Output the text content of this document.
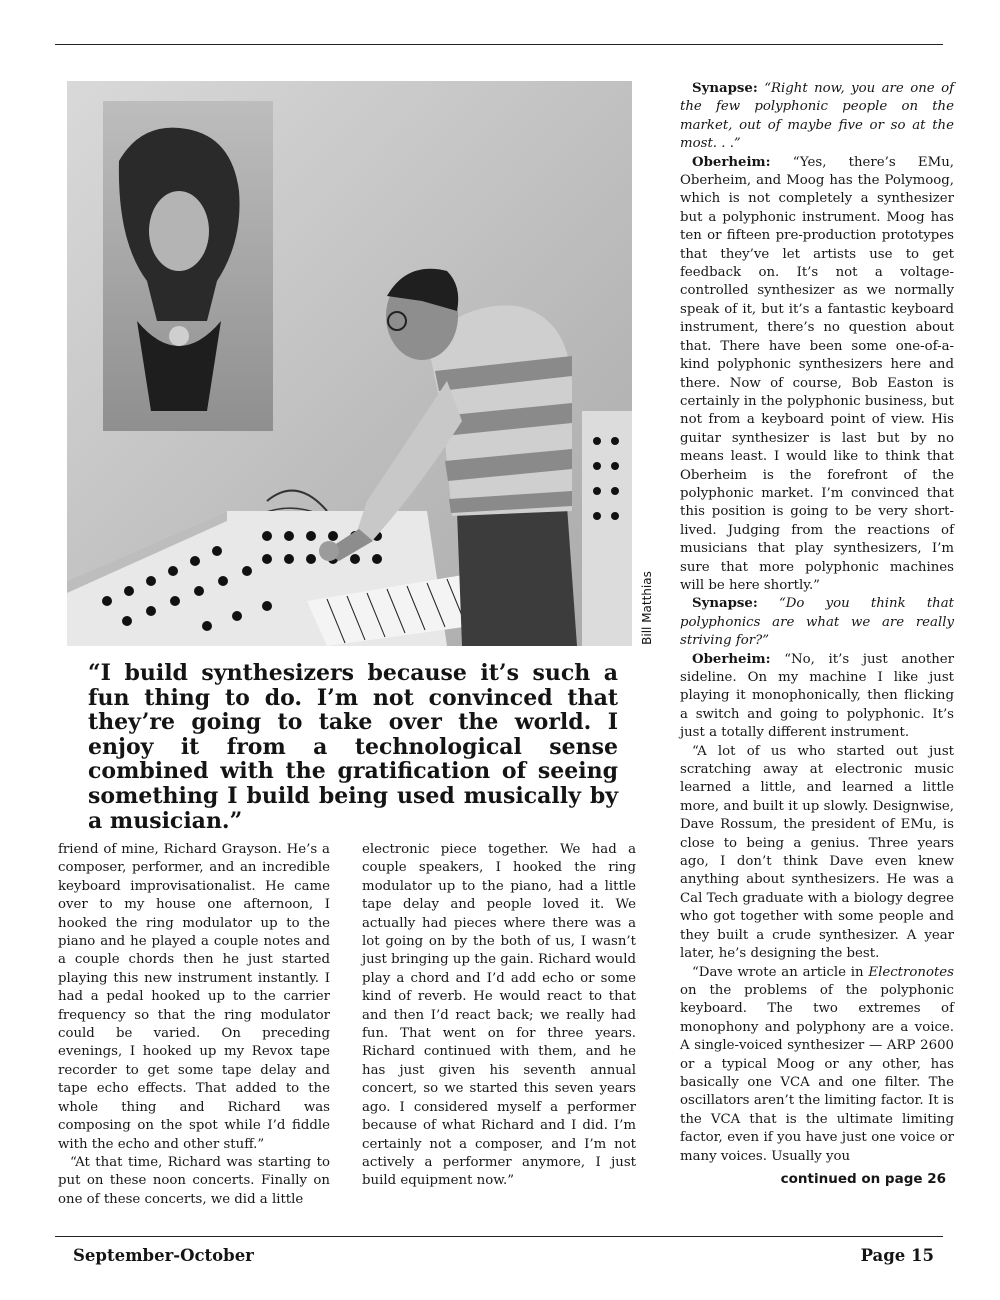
Bill Matthias

“I build synthesizers because it’s such a fun thing to do. I’m not convinced that they’re going to take over the world. I enjoy it from a technological sense combined with the gratification of seeing something I build being used musically by a musician.”

friend of mine, Richard Grayson. He’s a composer, performer, and an incredible keyboard improvisationalist. He came over to my house one afternoon, I hooked the ring modulator up to the piano and he played a couple notes and a couple chords then he just started playing this new instrument instantly. I had a pedal hooked up to the carrier frequency so that the ring modulator could be varied. On preceding evenings, I hooked up my Revox tape recorder to get some tape delay and tape echo effects. That added to the whole thing and Richard was composing on the spot while I’d fiddle with the echo and other stuff.”

“At that time, Richard was starting to put on these noon concerts. Finally on one of these concerts, we did a little

electronic piece together. We had a couple speakers, I hooked the ring modulator up to the piano, had a little tape delay and people loved it. We actually had pieces where there was a lot going on by the both of us, I wasn’t just bringing up the gain. Richard would play a chord and I’d add echo or some kind of reverb. He would react to that and then I’d react back; we really had fun. That went on for three years. Richard continued with them, and he has just given his seventh annual concert, so we started this seven years ago. I considered myself a performer because of what Richard and I did. I’m certainly not a composer, and I’m not actively a performer anymore, I just build equipment now.”

Synapse: “Right now, you are one of the few polyphonic people on the market, out of maybe five or so at the most. . .”

Oberheim: “Yes, there’s EMu, Oberheim, and Moog has the Polymoog, which is not completely a synthesizer but a polyphonic instrument. Moog has ten or fifteen pre-production prototypes that they’ve let artists use to get feedback on. It’s not a voltage-controlled synthesizer as we normally speak of it, but it’s a fantastic keyboard instrument, there’s no question about that. There have been some one-of-a-kind polyphonic synthesizers here and there. Now of course, Bob Easton is certainly in the polyphonic business, but not from a keyboard point of view. His guitar synthesizer is last but by no means least. I would like to think that Oberheim is the forefront of the polyphonic market. I’m convinced that this position is going to be very short-lived. Judging from the reactions of musicians that play synthesizers, I’m sure that more polyphonic machines will be here shortly.”

Synapse: “Do you think that polyphonics are what we are really striving for?”

Oberheim: “No, it’s just another sideline. On my machine I like just playing it monophonically, then flicking a switch and going to polyphonic. It’s just a totally different instrument.

“A lot of us who started out just scratching away at electronic music learned a little, and learned a little more, and built it up slowly. Designwise, Dave Rossum, the president of EMu, is close to being a genius. Three years ago, I don’t think Dave even knew anything about synthesizers. He was a Cal Tech graduate with a biology degree who got together with some people and they built a crude synthesizer. A year later, he’s designing the best.

“Dave wrote an article in Electronotes on the problems of the polyphonic keyboard. The two extremes of monophony and polyphony are a voice. A single-voiced synthesizer — ARP 2600 or a typical Moog or any other, has basically one VCA and one filter. The oscillators aren’t the limiting factor. It is the VCA that is the ultimate limiting factor, even if you have just one voice or many voices. Usually you

continued on page 26
September-October	Page 15
